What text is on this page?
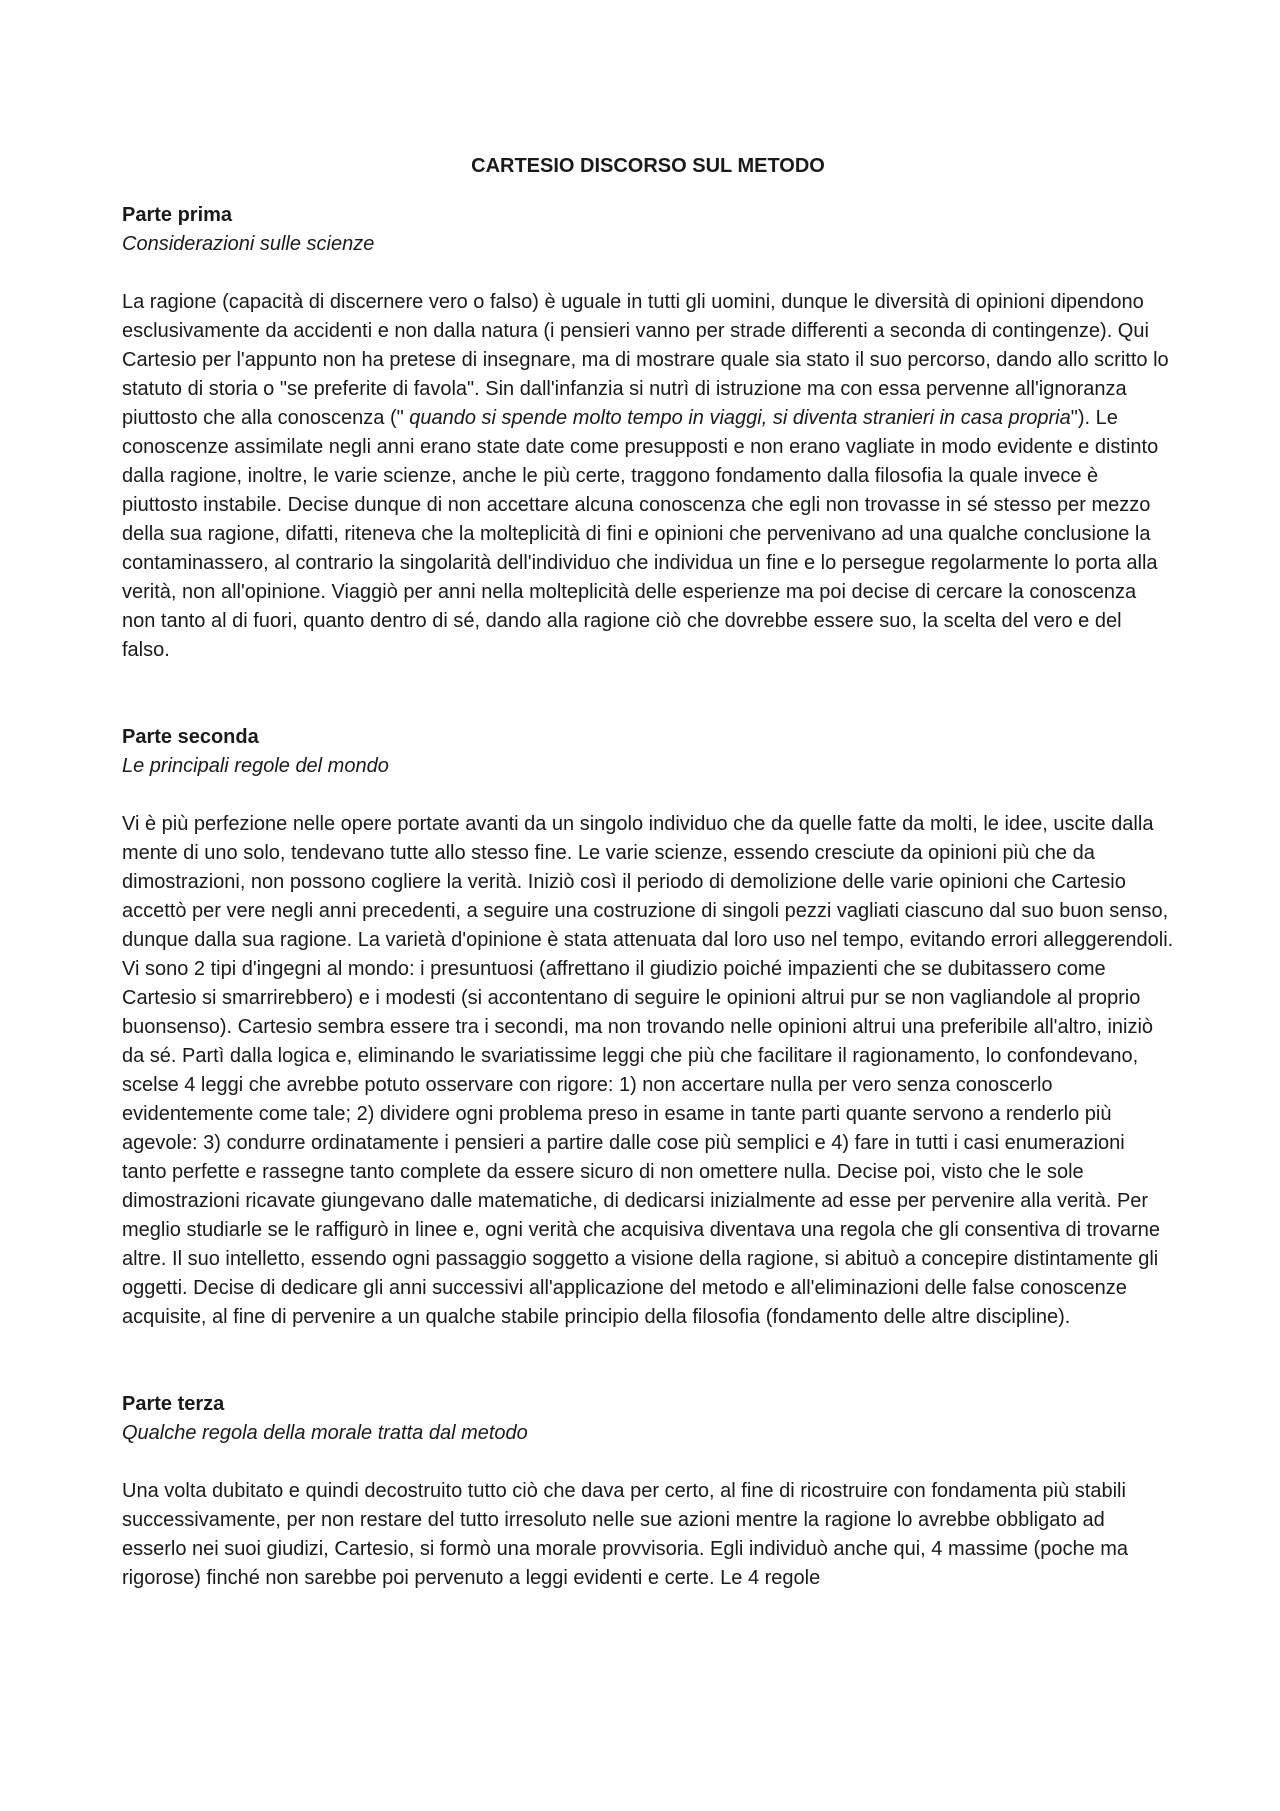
CARTESIO DISCORSO SUL METODO
Parte prima
Considerazioni sulle scienze

La ragione (capacità di discernere vero o falso) è uguale in tutti gli uomini, dunque le diversità di opinioni dipendono esclusivamente da accidenti e non dalla natura (i pensieri vanno per strade differenti a seconda di contingenze). Qui Cartesio per l'appunto non ha pretese di insegnare, ma di mostrare quale sia stato il suo percorso, dando allo scritto lo statuto di storia o "se preferite di favola". Sin dall'infanzia si nutrì di istruzione ma con essa pervenne all'ignoranza piuttosto che alla conoscenza (" quando si spende molto tempo in viaggi, si diventa stranieri in casa propria"). Le conoscenze assimilate negli anni erano state date come presupposti e non erano vagliate in modo evidente e distinto dalla ragione, inoltre, le varie scienze, anche le più certe, traggono fondamento dalla filosofia la quale invece è piuttosto instabile. Decise dunque di non accettare alcuna conoscenza che egli non trovasse in sé stesso per mezzo della sua ragione, difatti, riteneva che la molteplicità di fini e opinioni che pervenivano ad una qualche conclusione la contaminassero, al contrario la singolarità dell'individuo che individua un fine e lo persegue regolarmente lo porta alla verità, non all'opinione. Viaggiò per anni nella molteplicità delle esperienze ma poi decise di cercare la conoscenza non tanto al di fuori, quanto dentro di sé, dando alla ragione ciò che dovrebbe essere suo, la scelta del vero e del falso.

Parte seconda
Le principali regole del mondo

Vi è più perfezione nelle opere portate avanti da un singolo individuo che da quelle fatte da molti, le idee, uscite dalla mente di uno solo, tendevano tutte allo stesso fine. Le varie scienze, essendo cresciute da opinioni più che da dimostrazioni, non possono cogliere la verità. Iniziò così il periodo di demolizione delle varie opinioni che Cartesio accettò per vere negli anni precedenti, a seguire una costruzione di singoli pezzi vagliati ciascuno dal suo buon senso, dunque dalla sua ragione. La varietà d'opinione è stata attenuata dal loro uso nel tempo, evitando errori alleggerendoli. Vi sono 2 tipi d'ingegni al mondo: i presuntuosi (affrettano il giudizio poiché impazienti che se dubitassero come Cartesio si smarrirebbero) e i modesti (si accontentano di seguire le opinioni altrui pur se non vagliandole al proprio buonsenso). Cartesio sembra essere tra i secondi, ma non trovando nelle opinioni altrui una preferibile all'altro, iniziò da sé. Partì dalla logica e, eliminando le svariatissime leggi che più che facilitare il ragionamento, lo confondevano, scelse 4 leggi che avrebbe potuto osservare con rigore: 1) non accertare nulla per vero senza conoscerlo evidentemente come tale; 2) dividere ogni problema preso in esame in tante parti quante servono a renderlo più agevole: 3) condurre ordinatamente i pensieri a partire dalle cose più semplici e 4) fare in tutti i casi enumerazioni tanto perfette e rassegne tanto complete da essere sicuro di non omettere nulla. Decise poi, visto che le sole dimostrazioni ricavate giungevano dalle matematiche, di dedicarsi inizialmente ad esse per pervenire alla verità. Per meglio studiarle se le raffigurò in linee e, ogni verità che acquisiva diventava una regola che gli consentiva di trovarne altre. Il suo intelletto, essendo ogni passaggio soggetto a visione della ragione, si abituò a concepire distintamente gli oggetti. Decise di dedicare gli anni successivi all'applicazione del metodo e all'eliminazioni delle false conoscenze acquisite, al fine di pervenire a un qualche stabile principio della filosofia (fondamento delle altre discipline).

Parte terza
Qualche regola della morale tratta dal metodo

Una volta dubitato e quindi decostruito tutto ciò che dava per certo, al fine di ricostruire con fondamenta più stabili successivamente, per non restare del tutto irresoluto nelle sue azioni mentre la ragione lo avrebbe obbligato ad esserlo nei suoi giudizi, Cartesio, si formò una morale provvisoria. Egli individuò anche qui, 4 massime (poche ma rigorose) finché non sarebbe poi pervenuto a leggi evidenti e certe. Le 4 regole
